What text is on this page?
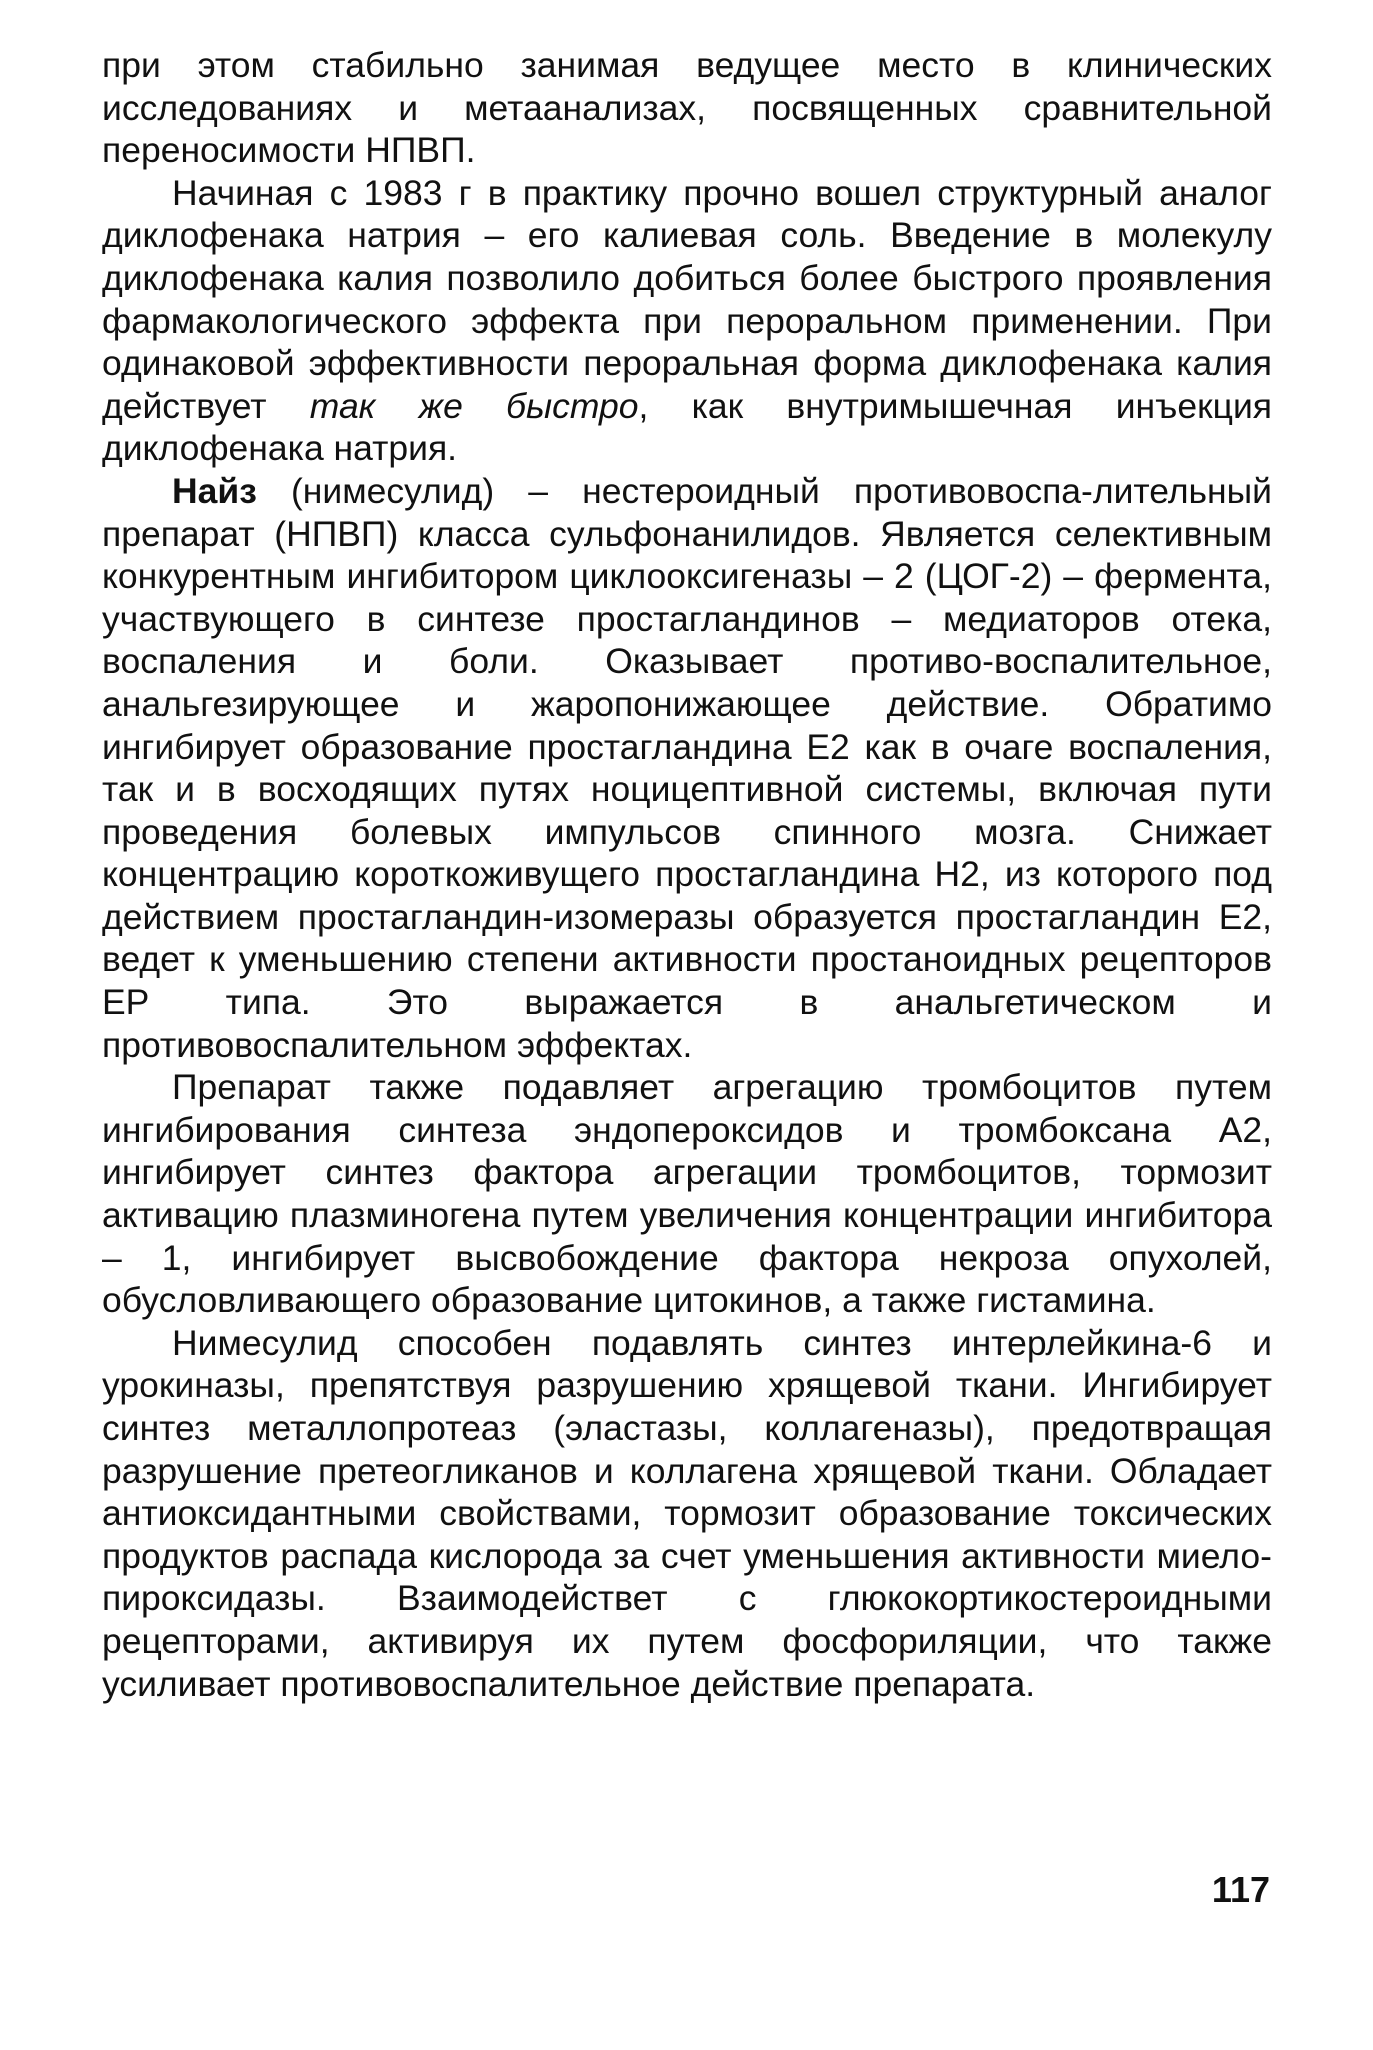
при этом стабильно занимая ведущее место в клинических исследованиях и метаанализах, посвященных сравнительной переносимости НПВП.

Начиная с 1983 г в практику прочно вошел структурный аналог диклофенака натрия – его калиевая соль. Введение в молекулу диклофенака калия позволило добиться более быстрого проявления фармакологического эффекта при пероральном применении. При одинаковой эффективности пероральная форма диклофенака калия действует так же быстро, как внутримышечная инъекция диклофенака натрия.

Найз (нимесулид) – нестероидный противовоспа-лительный препарат (НПВП) класса сульфонанилидов. Является селективным конкурентным ингибитором циклооксигеназы – 2 (ЦОГ-2) – фермента, участвующего в синтезе простагландинов – медиаторов отека, воспаления и боли. Оказывает противо-воспалительное, анальгезирующее и жаропонижающее действие. Обратимо ингибирует образование простагландина Е2 как в очаге воспаления, так и в восходящих путях ноцицептивной системы, включая пути проведения болевых импульсов спинного мозга. Снижает концентрацию короткоживущего простагландина Н2, из которого под действием простагландин-изомеразы образуется простагландин Е2, ведет к уменьшению степени активности простаноидных рецепторов ЕР типа. Это выражается в анальгетическом и противовоспалительном эффектах.

Препарат также подавляет агрегацию тромбоцитов путем ингибирования синтеза эндопероксидов и тромбоксана А2, ингибирует синтез фактора агрегации тромбоцитов, тормозит активацию плазминогена путем увеличения концентрации ингибитора – 1, ингибирует высвобождение фактора некроза опухолей, обусловливающего образование цитокинов, а также гистамина.

Нимесулид способен подавлять синтез интерлейкина-6 и урокиназы, препятствуя разрушению хрящевой ткани. Ингибирует синтез металлопротеаз (эластазы, коллагеназы), предотвращая разрушение претеогликанов и коллагена хрящевой ткани. Обладает антиоксидантными свойствами, тормозит образование токсических продуктов распада кислорода за счет уменьшения активности миело-пироксидазы. Взаимодействет с глюкокортикостероидными рецепторами, активируя их путем фосфориляции, что также усиливает противовоспалительное действие препарата.

117
